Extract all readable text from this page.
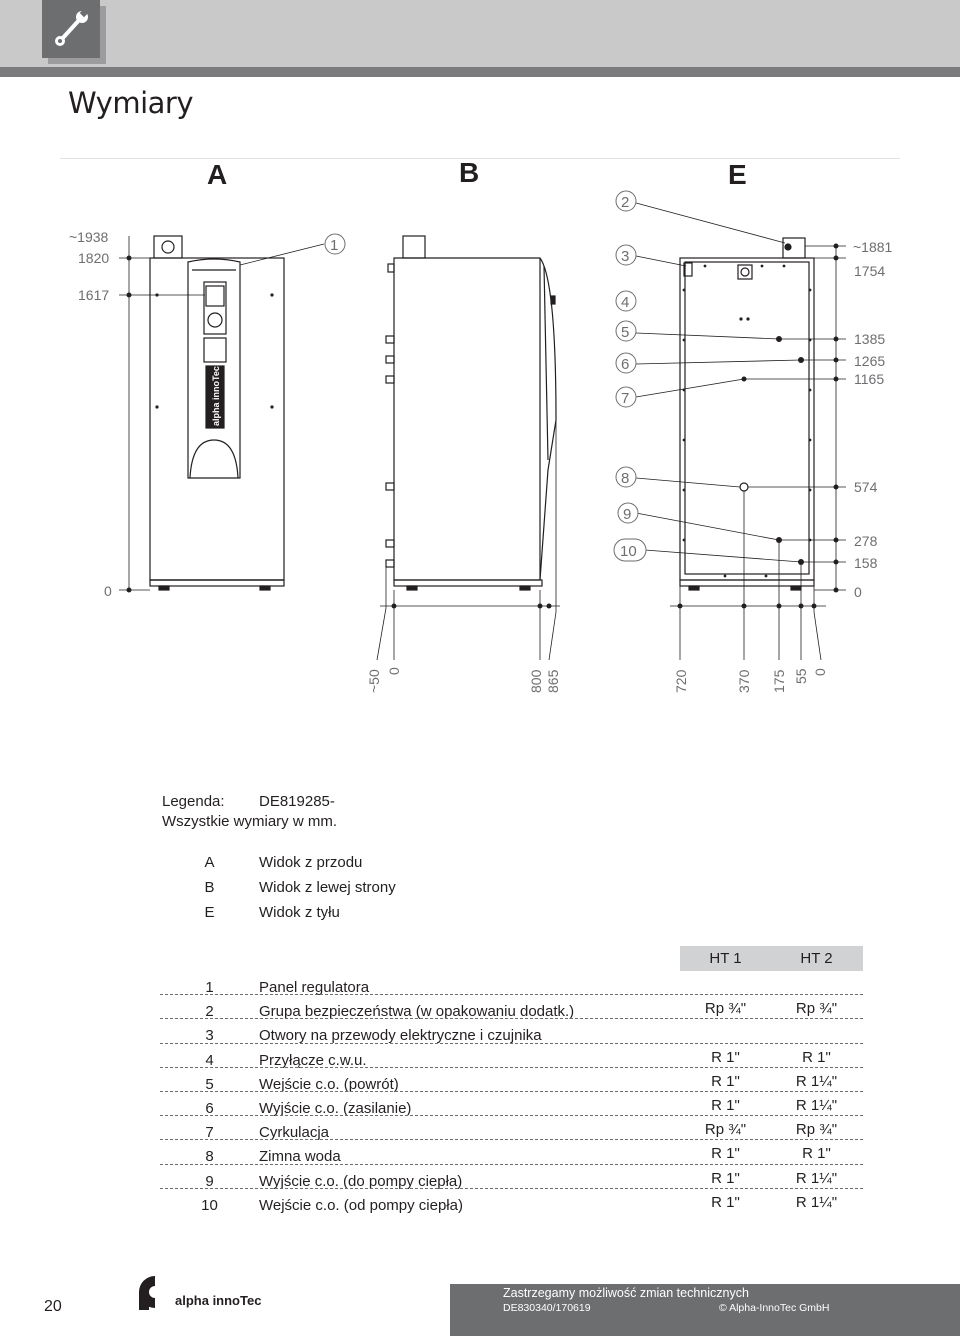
Wymiary
A	B	E
alpha innoTec
~1938
1820
1617
0
1
~50 0	800 865
2
3
4
5
6
7
8
9
10
~1881
1754
1385
1265
1165
574
278
158
0
720	370 175 55 0
Legenda:	DE819285-
Wszystkie wymiary w mm.
A	Widok z przodu
B	Widok z lewej strony
E	Widok z tyłu
HT 1	HT 2
1	Panel regulatora
2	Grupa bezpieczeństwa (w opakowaniu dodatk.)	Rp ¾"	Rp ¾"
3	Otwory na przewody elektryczne i czujnika
4	Przyłącze c.w.u.	R 1"	R 1"
5	Wejście c.o. (powrót)	R 1"	R 1¼"
6	Wyjście c.o. (zasilanie)	R 1"	R 1¼"
7	Cyrkulacja	Rp ¾"	Rp ¾"
8	Zimna woda	R 1"	R 1"
9	Wyjście c.o. (do pompy ciepła)	R 1"	R 1¼"
10	Wejście c.o. (od pompy ciepła)	R 1"	R 1¼"
20	alpha innoTec	Zastrzegamy możliwość zmian technicznych
DE830340/170619	© Alpha-InnoTec GmbH
